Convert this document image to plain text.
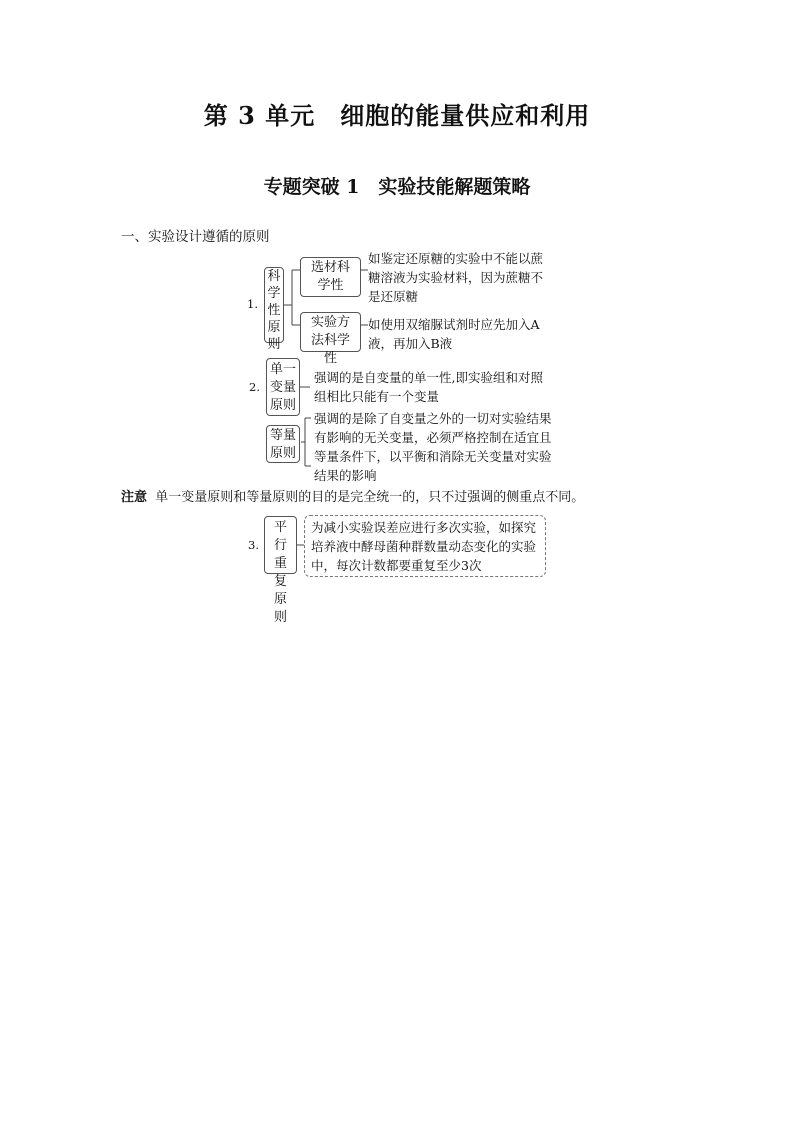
第 3 单元　细胞的能量供应和利用
专题突破 1　实验技能解题策略
一、实验设计遵循的原则
1.
科学性原则
选材科学性
如鉴定还原糖的实验中不能以蔗糖溶液为实验材料，因为蔗糖不是还原糖
实验方法科学性
如使用双缩脲试剂时应先加入A液，再加入B液
2.
单一变量原则
强调的是自变量的单一性,即实验组和对照组相比只能有一个变量
等量原则
强调的是除了自变量之外的一切对实验结果有影响的无关变量，必须严格控制在适宜且等量条件下，以平衡和消除无关变量对实验结果的影响
注意 单一变量原则和等量原则的目的是完全统一的，只不过强调的侧重点不同。
3.
平行重复原则
为减小实验误差应进行多次实验，如探究培养液中酵母菌种群数量动态变化的实验中，每次计数都要重复至少3次
